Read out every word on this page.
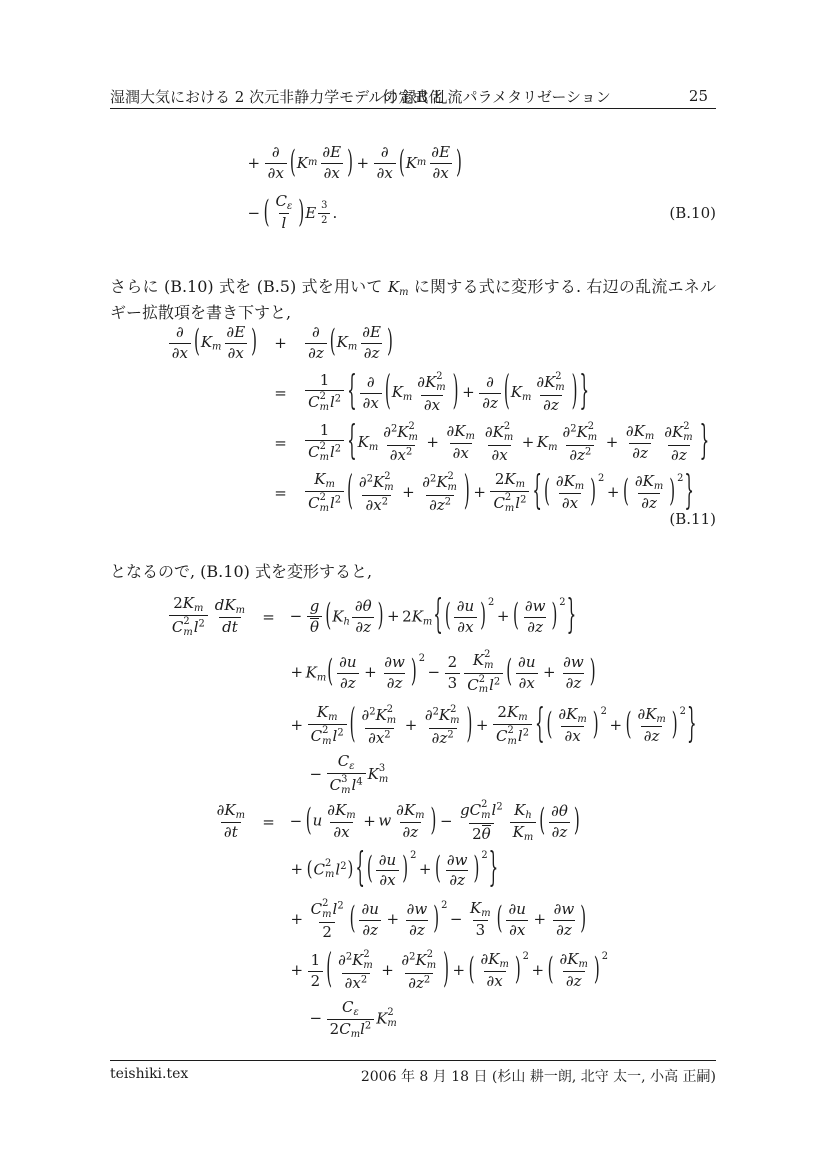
湿潤大気における 2 次元非静力学モデルの定式化
付 録B 乱流パラメタリゼーション	25
+
∂
∂x ( K m
∂E
∂x ) +
∂
∂x ( K m
∂E
∂x )
− ( $C_\varepsilon$
l ) E $\frac{3}{2}$ .	(B.10)

さらに (B.10) 式を (B.5) 式を用いて $K_m$ に関する式に変形する. 右辺の乱流エネルギー拡散項を書き下すと,

∂
∂x ($K_m \frac{\partial E}{\partial x}$ )	+
∂
∂z ($K_m \frac{\partial E}{\partial z}$ )
=	1
C 2
m $l^2$ { ∂
∂x ($K_m$ ∂K 2
m
∂x ) +
∂
∂z ($K_m$ ∂K 2
m
∂z ) }
=	1
C 2
m $l^2$ {$K_m$ ∂$^2$K 2
m
$\partial x^2 + \frac{\partial K_m}{\partial x} \partial K$ 2
m
$\partial x + K_m$ ∂$^2$K 2
m
$\partial z^2 + \frac{\partial K_m}{\partial z} \partial K$ 2
m
∂z }
=	$K_m$
C 2
m $l^2$ ( ∂$^2$K 2
m
$\partial x^2 + \partial^2K$ 2
m
$\partial z^2$ ) + $2K_m$
C 2
m $l^2$ { ( $\frac{\partial K_m}{\partial x}$ ) $^2$+ ( $\frac{\partial K_m}{\partial z}$ ) $^2$}
(B.11)

となるので, (B.10) 式を変形すると,

$2K_m$
C 2
m $l^2$ $dK_m$
dt
= − $\frac{g}{\theta} (K_h \frac{\partial\theta}{\partial z}$ ) + $2K_m${ ( $\frac{\partial u}{\partial x}$ ) $^2$+ ( $\frac{\partial w}{\partial z}$ ) $^2$}
+ $K_m( \frac{\partial u}{\partial z} + \frac{\partial w}{\partial z}$ ) $^2- \frac{2}{3}$ K 2
m
C 2
m $l^2$ ( $\frac{\partial u}{\partial x} + \frac{\partial w}{\partial z}$ )
+ $K_m$
C 2
m $l^2$ ( ∂$^2$K 2
m
$\partial x^2 + \partial^2K$ 2
m
$\partial z^2$ ) + $2K_m$
C 2
m $l^2$ { ( $\frac{\partial K_m}{\partial x}$ ) $^2$+ ( $\frac{\partial K_m}{\partial z}$ ) $^2$}
− $C_\varepsilon$
C 3
m $l^4$ K 3
m
$\frac{\partial K_m}{\partial t}$ = − ($u \frac{\partial K_m}{\partial x} + w \frac{\partial K_m}{\partial z}$ ) − gC 2
m $l^2$
$2\theta \frac{K_h}{K_m}$ ( $\frac{\partial\theta}{\partial z}$ )
+ (C 2
m $l^2$) { ( $\frac{\partial u}{\partial x}$ ) $^2$+ ( $\frac{\partial w}{\partial z}$ ) $^2$}
+ C 2
m $l^2$
2 ( $\frac{\partial u}{\partial z} + \frac{\partial w}{\partial z}$ ) $^2- \frac{K_m}{3}$ ( $\frac{\partial u}{\partial x} + \frac{\partial w}{\partial z}$ )
+ $\frac{1}{2}$ ( ∂$^2$K 2
m
$\partial x^2 + \partial^2K$ 2
m
$\partial z^2$ ) + ( $\frac{\partial K_m}{\partial x}$ ) $^2$+ ( $\frac{\partial K_m}{\partial z}$ ) $^2$
−
$C_\varepsilon$
$2C_ml^2$ K 2
m
teishiki.tex	2006 年 8 月 18 日 (杉山 耕一朗, 北守 太一, 小高 正嗣)
